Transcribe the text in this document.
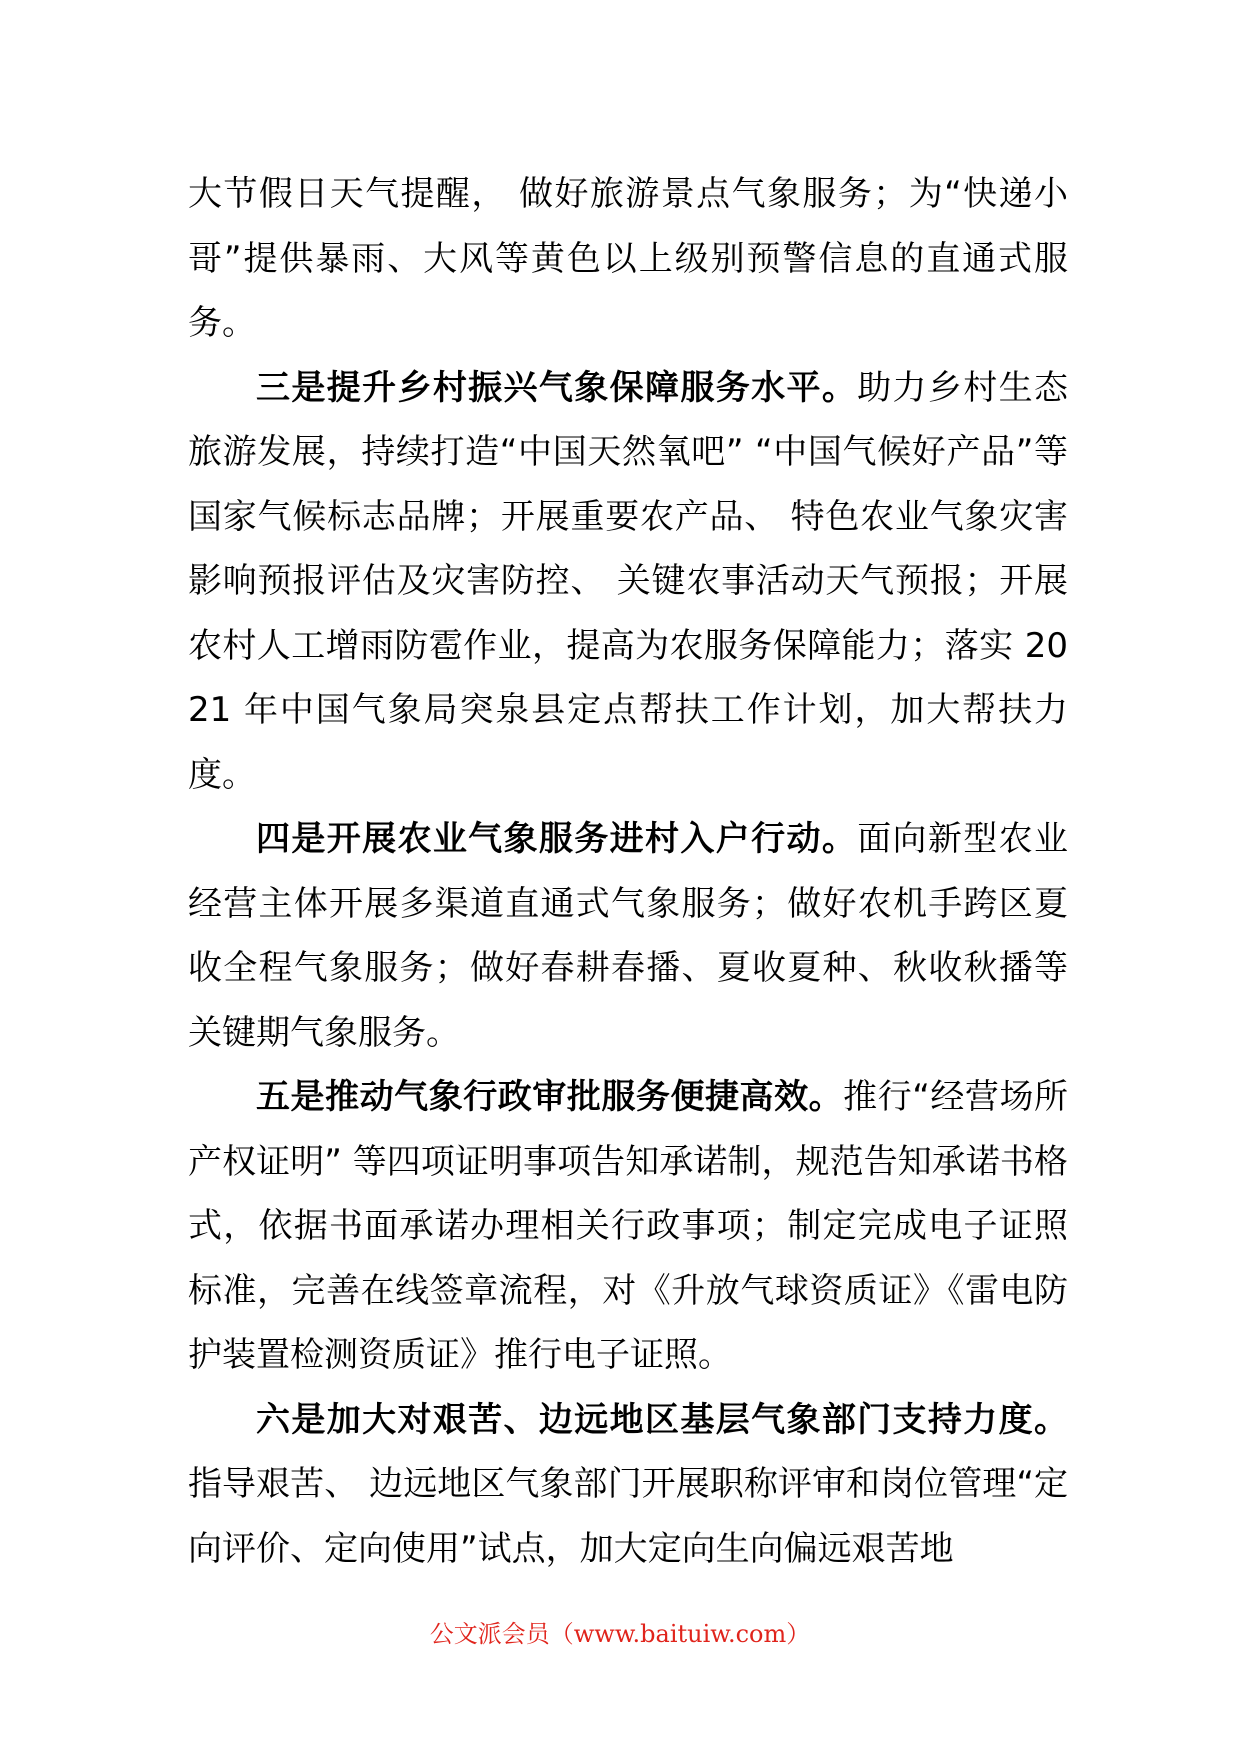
大节假日天气提醒， 做好旅游景点气象服务；为“快递小哥”提供暴雨、大风等黄色以上级别预警信息的直通式服务。

三是提升乡村振兴气象保障服务水平。助力乡村生态旅游发展，持续打造“中国天然氧吧” “中国气候好产品”等国家气候标志品牌；开展重要农产品、 特色农业气象灾害影响预报评估及灾害防控、 关键农事活动天气预报；开展农村人工增雨防雹作业，提高为农服务保障能力；落实 2021 年中国气象局突泉县定点帮扶工作计划，加大帮扶力度。

四是开展农业气象服务进村入户行动。面向新型农业经营主体开展多渠道直通式气象服务；做好农机手跨区夏收全程气象服务；做好春耕春播、夏收夏种、秋收秋播等关键期气象服务。

五是推动气象行政审批服务便捷高效。推行“经营场所产权证明” 等四项证明事项告知承诺制，规范告知承诺书格式，依据书面承诺办理相关行政事项；制定完成电子证照标准，完善在线签章流程，对《升放气球资质证》《雷电防护装置检测资质证》推行电子证照。

六是加大对艰苦、边远地区基层气象部门支持力度。指导艰苦、 边远地区气象部门开展职称评审和岗位管理“定向评价、定向使用”试点，加大定向生向偏远艰苦地

公文派会员（www.baituiw.com）
